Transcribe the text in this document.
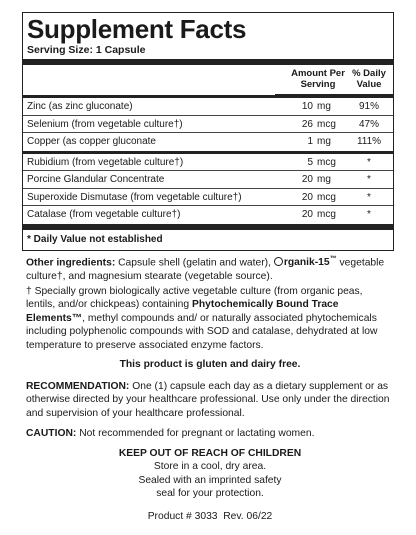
Supplement Facts
Serving Size: 1 Capsule
Amount Per Serving
% Daily Value
Zinc (as zinc gluconate)	10 mg	91%
Selenium (from vegetable culture†)	26 mcg	47%
Copper (as copper gluconate	1 mg	111%
Rubidium (from vegetable culture†)	5 mcg	*
Porcine Glandular Concentrate	20 mg	*
Superoxide Dismutase (from vegetable culture†)	20 mcg	*
Catalase (from vegetable culture†)	20 mcg	*
* Daily Value not established
Other ingredients: Capsule shell (gelatin and water), rganik-15™ vegetable culture†, and magnesium stearate (vegetable source).
† Specially grown biologically active vegetable culture (from organic peas, lentils, and/or chickpeas) containing Phytochemically Bound Trace Elements™, methyl compounds and/ or naturally associated phytochemicals including polyphenolic compounds with SOD and catalase, dehydrated at low temperature to preserve associated enzyme factors.
This product is gluten and dairy free.
RECOMMENDATION: One (1) capsule each day as a dietary supplement or as otherwise directed by your healthcare professional. Use only under the direction and supervision of your healthcare professional.
CAUTION: Not recommended for pregnant or lactating women.
KEEP OUT OF REACH OF CHILDREN
Store in a cool, dry area.
Sealed with an imprinted safety
seal for your protection.
Product # 3033  Rev. 06/22
